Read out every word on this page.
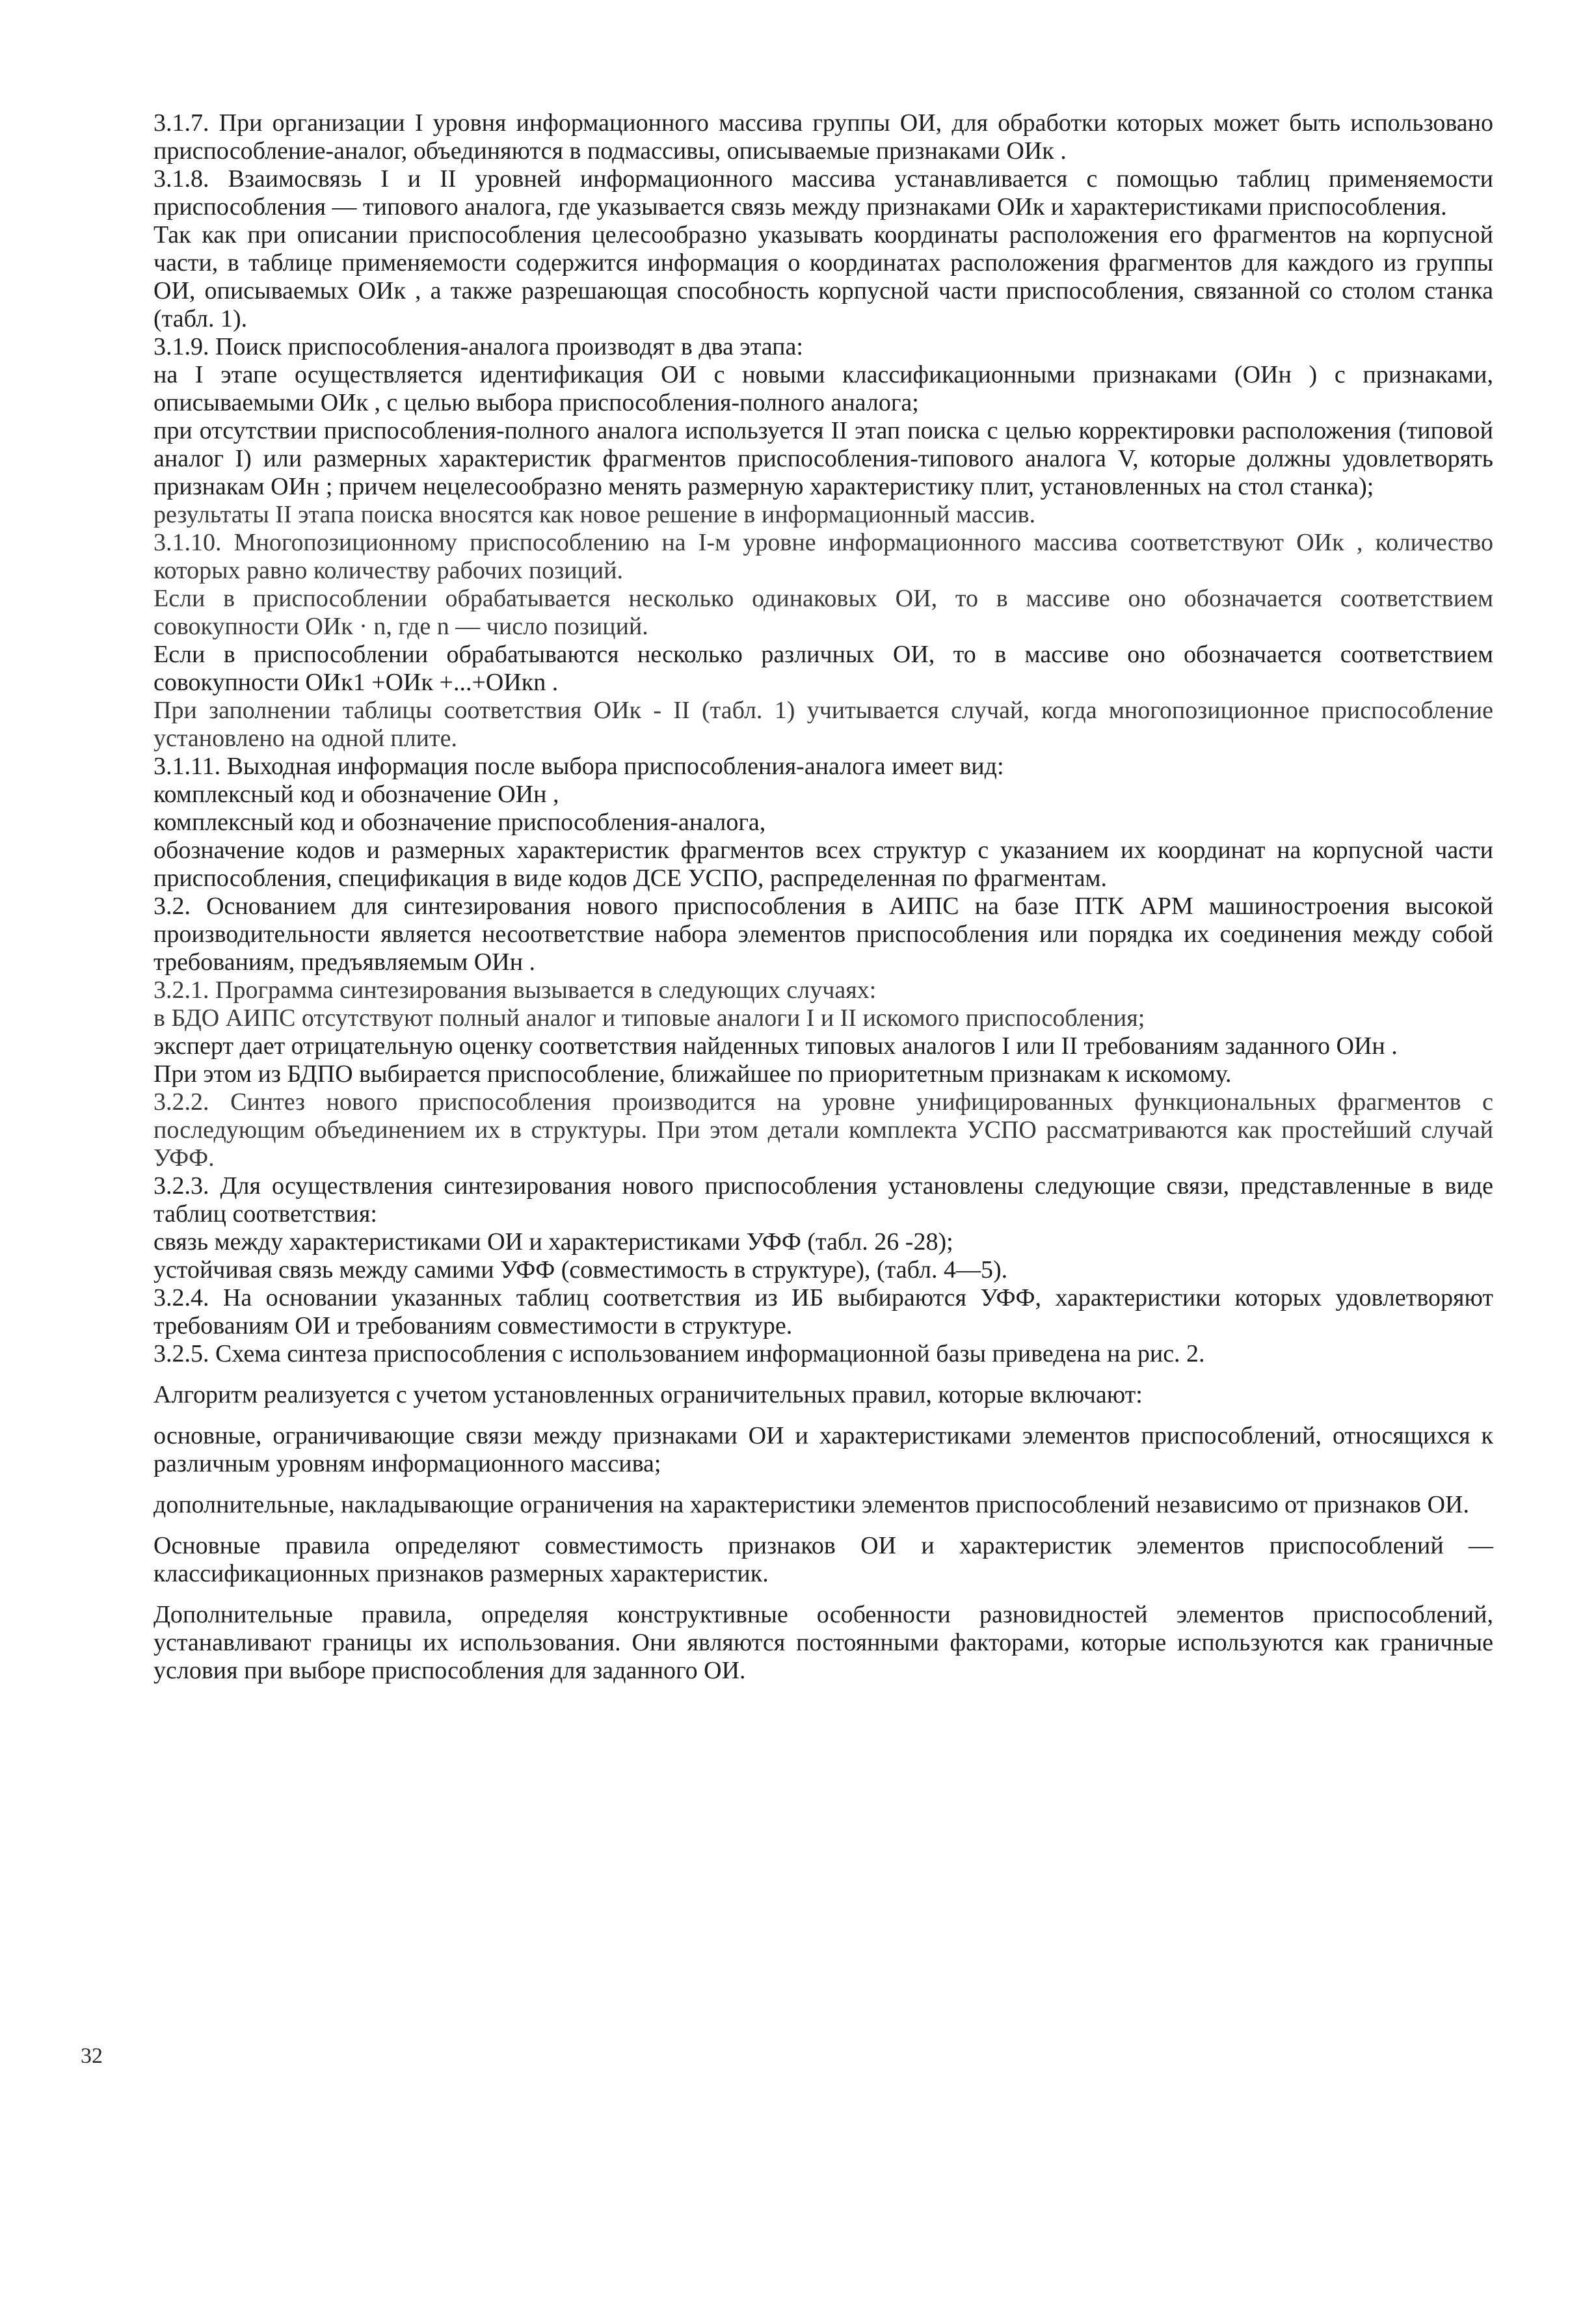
3.1.7. При организации I уровня информационного массива группы ОИ, для обработки которых может быть использовано приспособление-аналог, объединяются в подмассивы, описываемые признаками ОИк .

3.1.8. Взаимосвязь I и II уровней информационного массива устанавливается с помощью таблиц применяемости приспособления — типового аналога, где указывается связь между признаками ОИк и характеристиками приспособления.

Так как при описании приспособления целесообразно указывать координаты расположения его фрагментов на корпусной части, в таблице применяемости содержится информация о координатах расположения фрагментов для каждого из группы ОИ, описываемых ОИк , а также разрешающая способность корпусной части приспособления, связанной со столом станка (табл. 1).

3.1.9. Поиск приспособления-аналога производят в два этапа:

на I этапе осуществляется идентификация ОИ с новыми классификационными признаками (ОИн ) с признаками, описываемыми ОИк , с целью выбора приспособления-полного аналога;

при отсутствии приспособления-полного аналога используется II этап поиска с целью корректировки расположения (типовой аналог I) или размерных характеристик фрагментов приспособления-типового аналога V, которые должны удовлетворять признакам ОИн ; причем нецелесообразно менять размерную характеристику плит, установленных на стол станка);

результаты II этапа поиска вносятся как новое решение в информационный массив.

3.1.10. Многопозиционному приспособлению на I-м уровне информационного массива соответствуют ОИк , количество которых равно количеству рабочих позиций.

Если в приспособлении обрабатывается несколько одинаковых ОИ, то в массиве оно обозначается соответствием совокупности ОИк · n, где n — число позиций.

Если в приспособлении обрабатываются несколько различных ОИ, то в массиве оно обозначается соответствием совокупности ОИк1 +ОИк +...+ОИкn .

При заполнении таблицы соответствия ОИк - II (табл. 1) учитывается случай, когда многопозиционное приспособление установлено на одной плите.

3.1.11. Выходная информация после выбора приспособления-аналога имеет вид:

комплексный код и обозначение ОИн ,

комплексный код и обозначение приспособления-аналога,

обозначение кодов и размерных характеристик фрагментов всех структур с указанием их координат на корпусной части приспособления, спецификация в виде кодов ДСЕ УСПО, распределенная по фрагментам.

3.2. Основанием для синтезирования нового приспособления в АИПС на базе ПТК АРМ машиностроения высокой производительности является несоответствие набора элементов приспособления или порядка их соединения между собой требованиям, предъявляемым ОИн .

3.2.1. Программа синтезирования вызывается в следующих случаях:

в БДО АИПС отсутствуют полный аналог и типовые аналоги I и II искомого приспособления;

эксперт дает отрицательную оценку соответствия найденных типовых аналогов I или II требованиям заданного ОИн .

При этом из БДПО выбирается приспособление, ближайшее по приоритетным признакам к искомому.

3.2.2. Синтез нового приспособления производится на уровне унифицированных функциональных фрагментов с последующим объединением их в структуры. При этом детали комплекта УСПО рассматриваются как простейший случай УФФ.

3.2.3. Для осуществления синтезирования нового приспособления установлены следующие связи, представленные в виде таблиц соответствия:

связь между характеристиками ОИ и характеристиками УФФ (табл. 26 -28);

устойчивая связь между самими УФФ (совместимость в структуре), (табл. 4—5).

3.2.4. На основании указанных таблиц соответствия из ИБ выбираются УФФ, характеристики которых удовлетворяют требованиям ОИ и требованиям совместимости в структуре.

3.2.5. Схема синтеза приспособления с использованием информационной базы приведена на рис. 2.

Алгоритм реализуется с учетом установленных ограничительных правил, которые включают:

основные, ограничивающие связи между признаками ОИ и характеристиками элементов приспособлений, относящихся к различным уровням информационного массива;

дополнительные, накладывающие ограничения на характеристики элементов приспособлений независимо от признаков ОИ.

Основные правила определяют совместимость признаков ОИ и характеристик элементов приспособлений — классификационных признаков размерных характеристик.

Дополнительные правила, определяя конструктивные особенности разновидностей элементов приспособлений, устанавливают границы их использования. Они являются постоянными факторами, которые используются как граничные условия при выборе приспособления для заданного ОИ.

32
